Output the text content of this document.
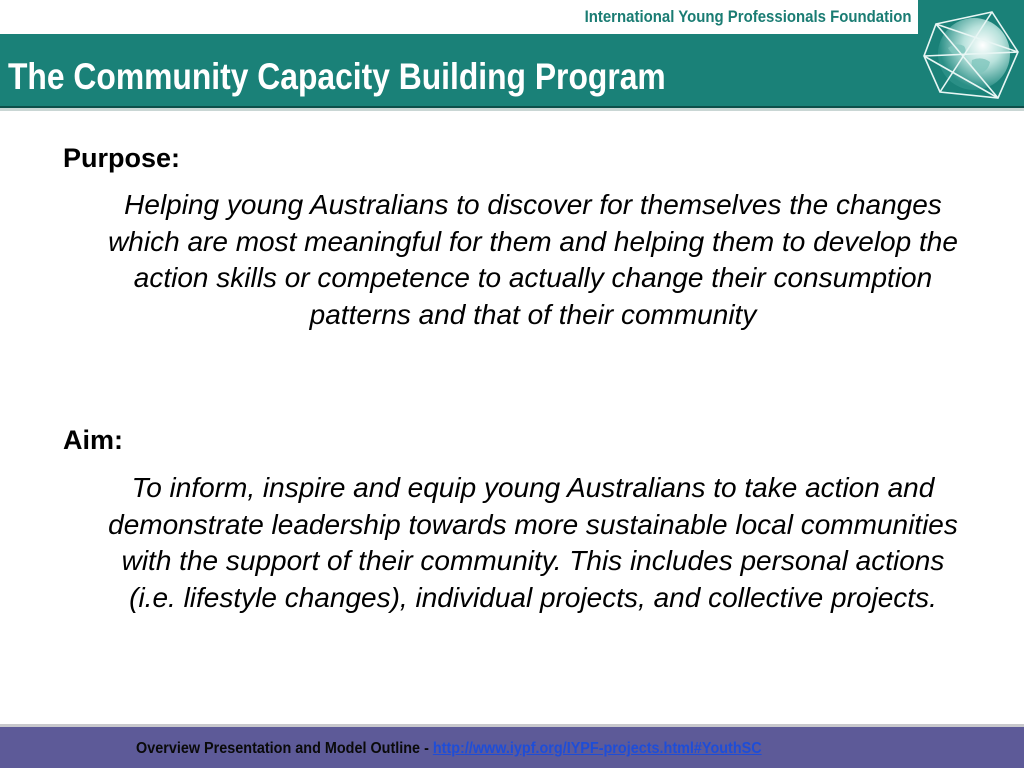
International Young Professionals Foundation
The Community Capacity Building Program
Purpose:
Helping young Australians to discover for themselves the changes which are most meaningful for them and helping them to develop the action skills or competence to actually change their consumption patterns and that of their community
Aim:
To inform, inspire and equip young Australians to take action and demonstrate leadership towards more sustainable local communities with the support of their community. This includes personal actions (i.e. lifestyle changes), individual projects, and collective projects.
Overview Presentation and Model Outline - http://www.iypf.org/IYPF-projects.html#YouthSC
